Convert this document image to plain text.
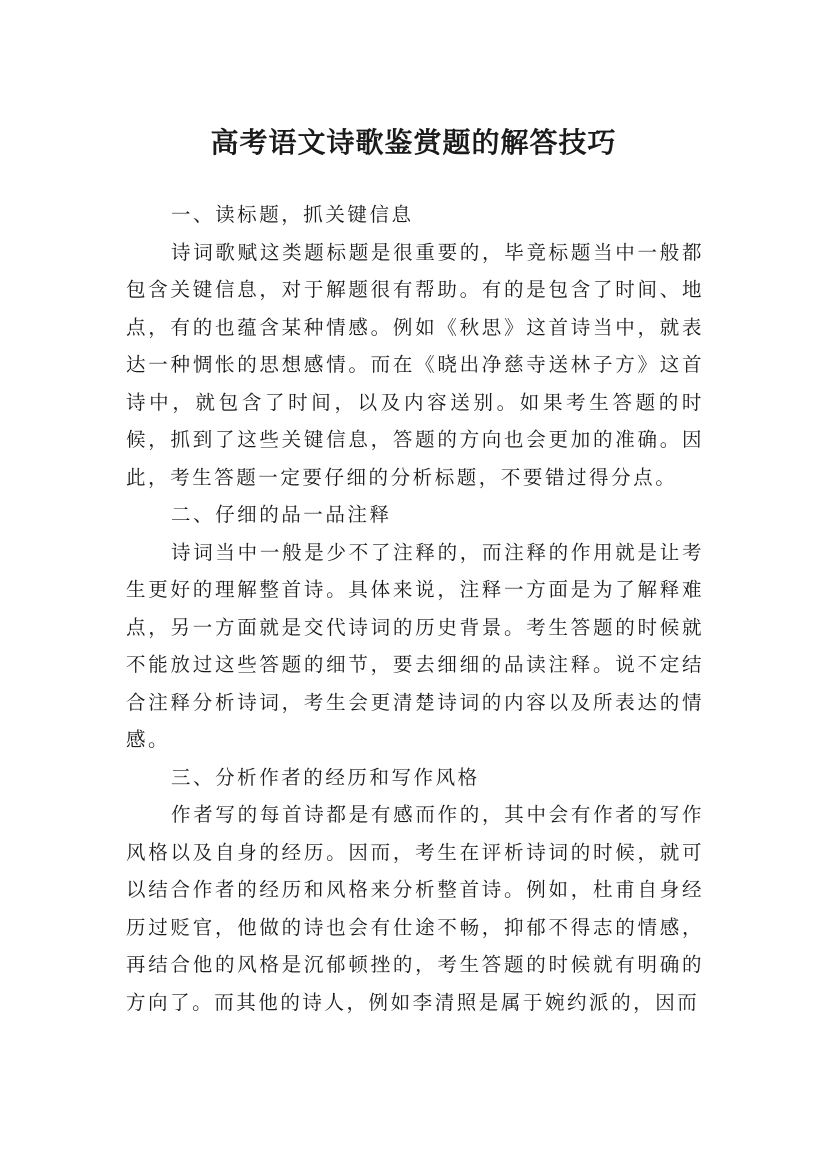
高考语文诗歌鉴赏题的解答技巧

一、读标题，抓关键信息

诗词歌赋这类题标题是很重要的，毕竟标题当中一般都包含关键信息，对于解题很有帮助。有的是包含了时间、地点，有的也蕴含某种情感。例如《秋思》这首诗当中，就表达一种惆怅的思想感情。而在《晓出净慈寺送林子方》这首诗中，就包含了时间，以及内容送别。如果考生答题的时候，抓到了这些关键信息，答题的方向也会更加的准确。因此，考生答题一定要仔细的分析标题，不要错过得分点。

二、仔细的品一品注释

诗词当中一般是少不了注释的，而注释的作用就是让考生更好的理解整首诗。具体来说，注释一方面是为了解释难点，另一方面就是交代诗词的历史背景。考生答题的时候就不能放过这些答题的细节，要去细细的品读注释。说不定结合注释分析诗词，考生会更清楚诗词的内容以及所表达的情感。

三、分析作者的经历和写作风格

作者写的每首诗都是有感而作的，其中会有作者的写作风格以及自身的经历。因而，考生在评析诗词的时候，就可以结合作者的经历和风格来分析整首诗。例如，杜甫自身经历过贬官，他做的诗也会有仕途不畅，抑郁不得志的情感，再结合他的风格是沉郁顿挫的，考生答题的时候就有明确的方向了。而其他的诗人，例如李清照是属于婉约派的，因而
